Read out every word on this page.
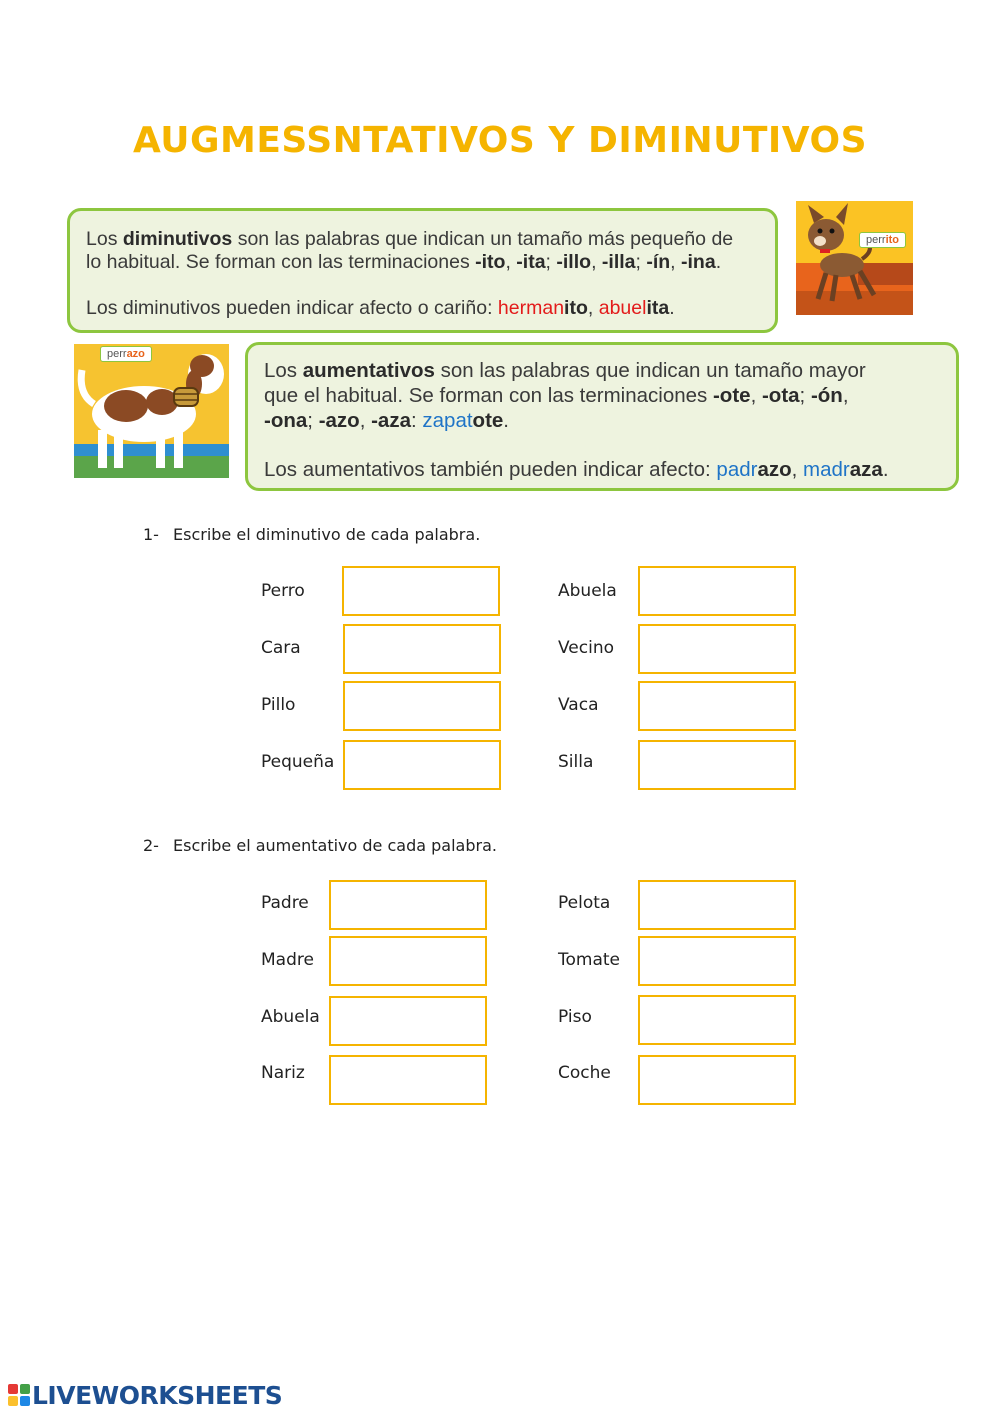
AUGMESSNTATIVOS Y DIMINUTIVOS

Los diminutivos son las palabras que indican un tamaño más pequeño de

lo habitual. Se forman con las terminaciones -ito, -ita; -illo, -illa; -ín, -ina.

Los diminutivos pueden indicar afecto o cariño: hermanito, abuelita.

perrito
perrazo

Los aumentativos son las palabras que indican un tamaño mayor

que el habitual. Se forman con las terminaciones -ote, -ota; -ón,

-ona; -azo, -aza: zapatote.

Los aumentativos también pueden indicar afecto: padrazo, madraza.

1- Escribe el diminutivo de cada palabra.
Perro
Cara
Pillo
Pequeña
Abuela
Vecino
Vaca
Silla
2- Escribe el aumentativo de cada palabra.
Padre
Madre
Abuela
Nariz
Pelota
Tomate
Piso
Coche
LIVEWORKSHEETS
